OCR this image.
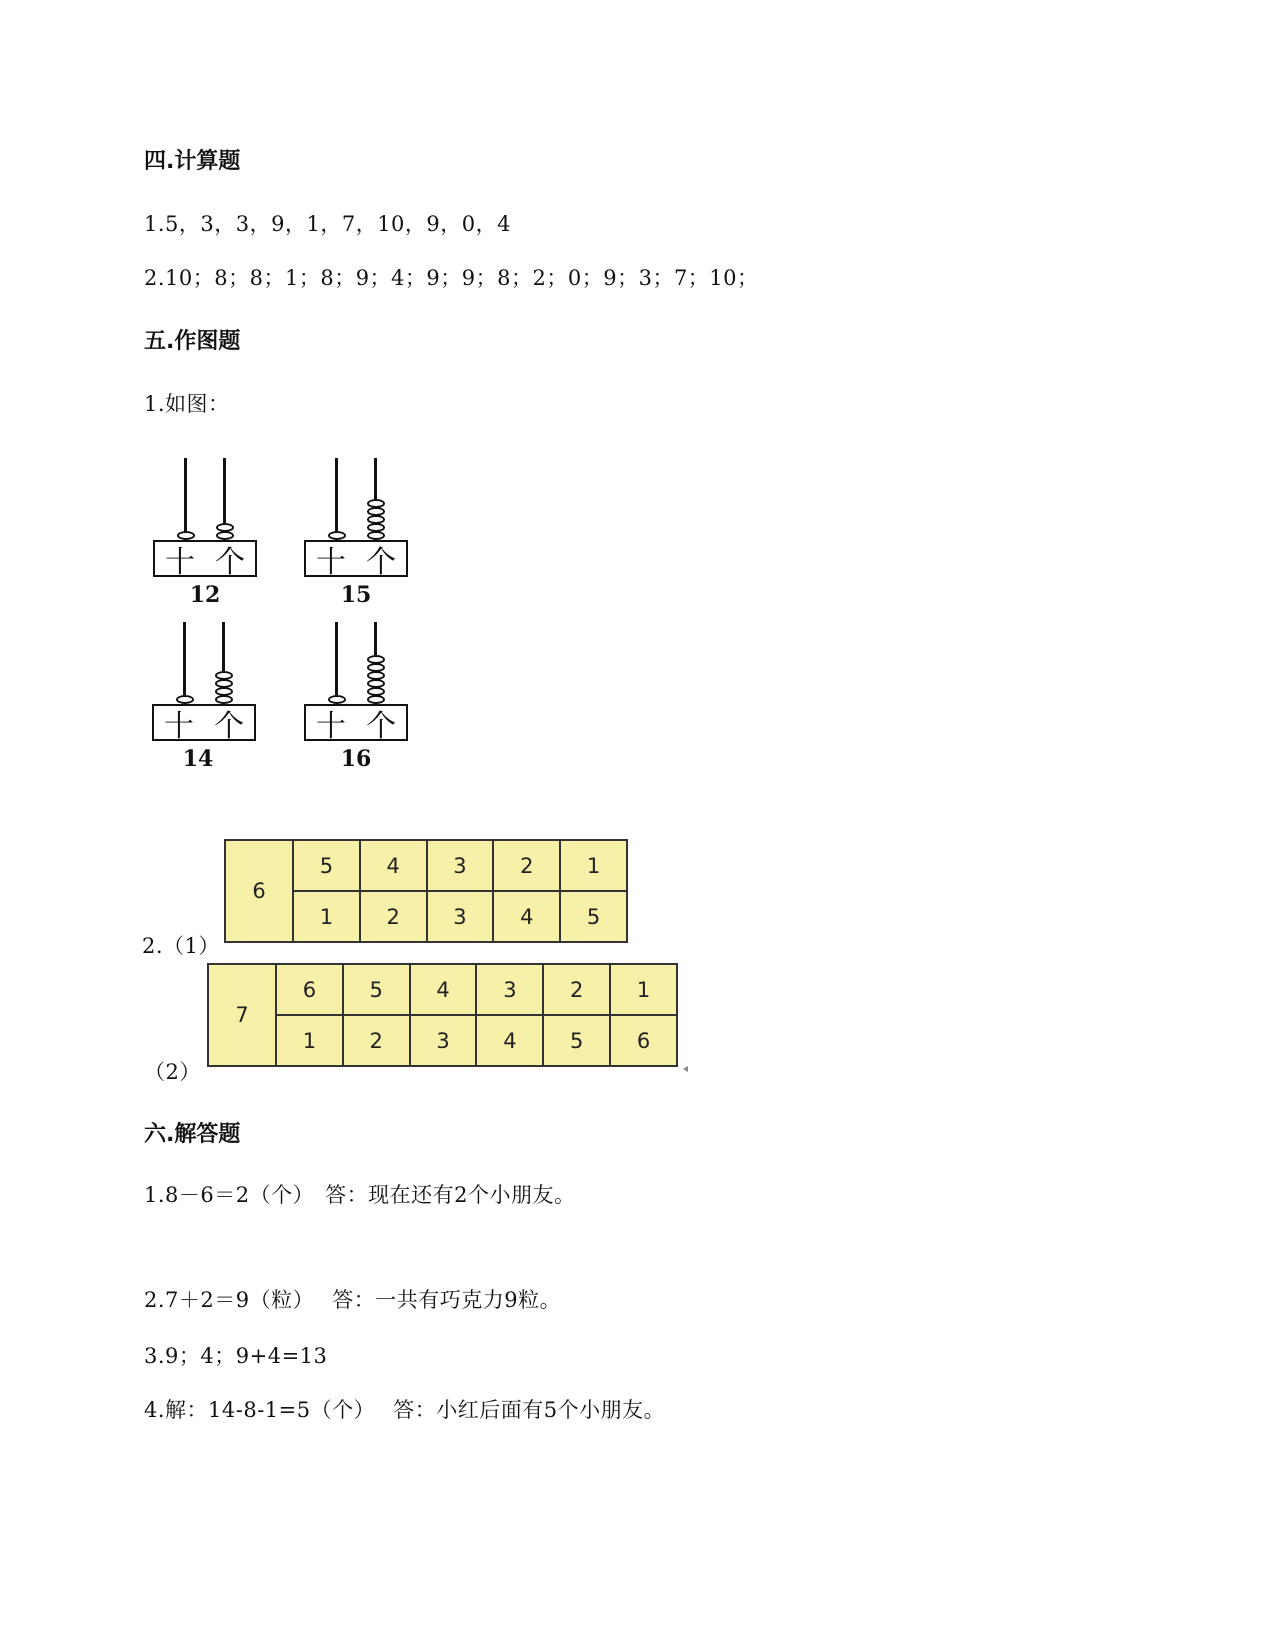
四.计算题
1.5，3，3，9，1，7，10，9，0，4
2.10；8；8；1；8；9；4；9；9；8；2；0；9；3；7；10；
五.作图题
1.如图：
十 个
12
十 个
15
十 个
14
十 个
16
2.（1）
6	5	4	3	2	1
	1	2	3	4	5
（2）
7	6	5	4	3	2	1
	1	2	3	4	5	6
六.解答题
1.8－6＝2（个）　答：现在还有2个小朋友。
2.7＋2＝9（粒）　 答：一共有巧克力9粒。
3.9；4；9+4=13
4.解：14-8-1=5（个）　 答：小红后面有5个小朋友。
